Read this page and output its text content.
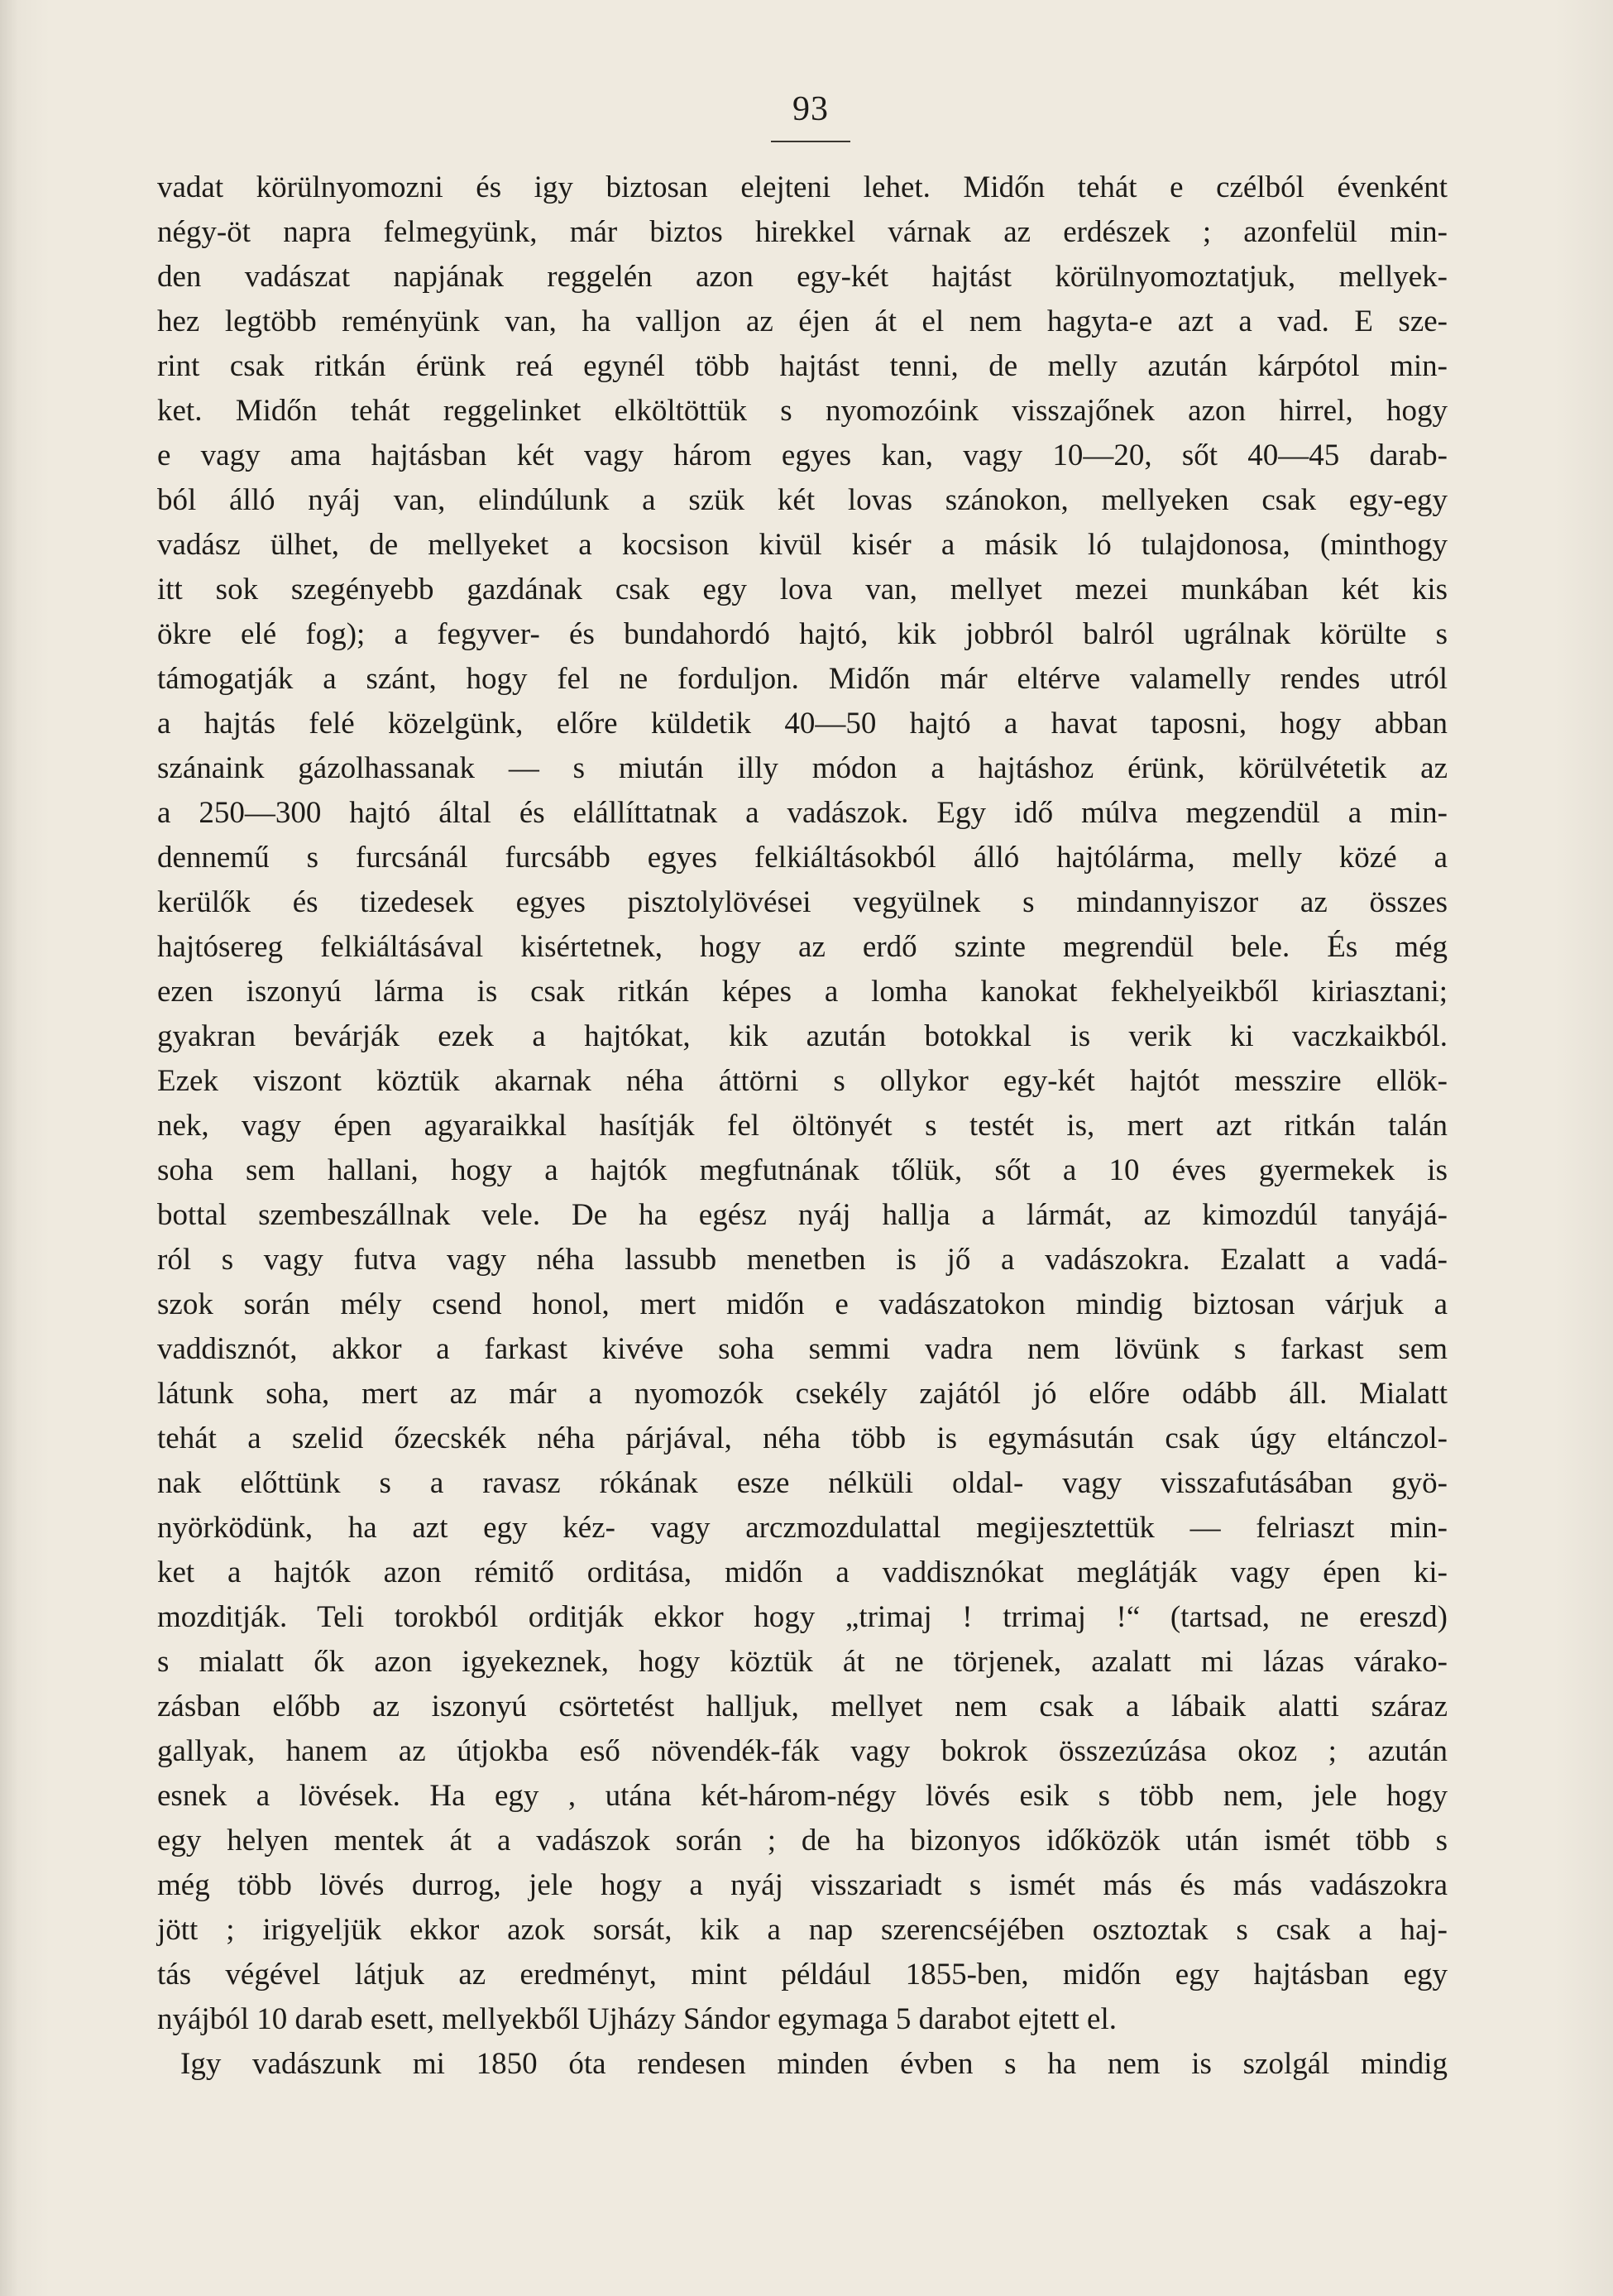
93
vadat körülnyomozni és igy biztosan elejteni lehet. Midőn tehát e czélból évenként
négy-öt napra felmegyünk, már biztos hirekkel várnak az erdészek ; azonfelül min-
den vadászat napjának reggelén azon egy-két hajtást körülnyomoztatjuk, mellyek-
hez legtöbb reményünk van, ha valljon az éjen át el nem hagyta-e azt a vad. E sze-
rint csak ritkán érünk reá egynél több hajtást tenni, de melly azután kárpótol min-
ket. Midőn tehát reggelinket elköltöttük s nyomozóink visszajőnek azon hirrel, hogy
e vagy ama hajtásban két vagy három egyes kan, vagy 10—20, sőt 40—45 darab-
ból álló nyáj van, elindúlunk a szük két lovas szánokon, mellyeken csak egy-egy
vadász ülhet, de mellyeket a kocsison kivül kisér a másik ló tulajdonosa, (minthogy
itt sok szegényebb gazdának csak egy lova van, mellyet mezei munkában két kis
ökre elé fog); a fegyver- és bundahordó hajtó, kik jobbról balról ugrálnak körülte s
támogatják a szánt, hogy fel ne forduljon. Midőn már eltérve valamelly rendes utról
a hajtás felé közelgünk, előre küldetik 40—50 hajtó a havat taposni, hogy abban
szánaink gázolhassanak — s miután illy módon a hajtáshoz érünk, körülvétetik az
a 250—300 hajtó által és elállíttatnak a vadászok. Egy idő múlva megzendül a min-
dennemű s furcsánál furcsább egyes felkiáltásokból álló hajtólárma, melly közé a
kerülők és tizedesek egyes pisztolylövései vegyülnek s mindannyiszor az összes
hajtósereg felkiáltásával kisértetnek, hogy az erdő szinte megrendül bele. És még
ezen iszonyú lárma is csak ritkán képes a lomha kanokat fekhelyeikből kiriasztani;
gyakran bevárják ezek a hajtókat, kik azután botokkal is verik ki vaczkaikból.
Ezek viszont köztük akarnak néha áttörni s ollykor egy-két hajtót messzire ellök-
nek, vagy épen agyaraikkal hasítják fel öltönyét s testét is, mert azt ritkán talán
soha sem hallani, hogy a hajtók megfutnának tőlük, sőt a 10 éves gyermekek is
bottal szembeszállnak vele. De ha egész nyáj hallja a lármát, az kimozdúl tanyájá-
ról s vagy futva vagy néha lassubb menetben is jő a vadászokra. Ezalatt a vadá-
szok során mély csend honol, mert midőn e vadászatokon mindig biztosan várjuk a
vaddisznót, akkor a farkast kivéve soha semmi vadra nem lövünk s farkast sem
látunk soha, mert az már a nyomozók csekély zajától jó előre odább áll. Mialatt
tehát a szelid őzecskék néha párjával, néha több is egymásután csak úgy eltánczol-
nak előttünk s a ravasz rókának esze nélküli oldal- vagy visszafutásában gyö-
nyörködünk, ha azt egy kéz- vagy arczmozdulattal megijesztettük — felriaszt min-
ket a hajtók azon rémitő orditása, midőn a vaddisznókat meglátják vagy épen ki-
mozditják. Teli torokból orditják ekkor hogy „trimaj ! trrimaj !“ (tartsad, ne ereszd)
s mialatt ők azon igyekeznek, hogy köztük át ne törjenek, azalatt mi lázas várako-
zásban előbb az iszonyú csörtetést halljuk, mellyet nem csak a lábaik alatti száraz
gallyak, hanem az útjokba eső növendék-fák vagy bokrok összezúzása okoz ; azután
esnek a lövések. Ha egy , utána két-három-négy lövés esik s több nem, jele hogy
egy helyen mentek át a vadászok során ; de ha bizonyos időközök után ismét több s
még több lövés durrog, jele hogy a nyáj visszariadt s ismét más és más vadászokra
jött ; irigyeljük ekkor azok sorsát, kik a nap szerencséjében osztoztak s csak a haj-
tás végével látjuk az eredményt, mint például 1855-ben, midőn egy hajtásban egy
nyájból 10 darab esett, mellyekből Ujházy Sándor egymaga 5 darabot ejtett el.
Igy vadászunk mi 1850 óta rendesen minden évben s ha nem is szolgál mindig
